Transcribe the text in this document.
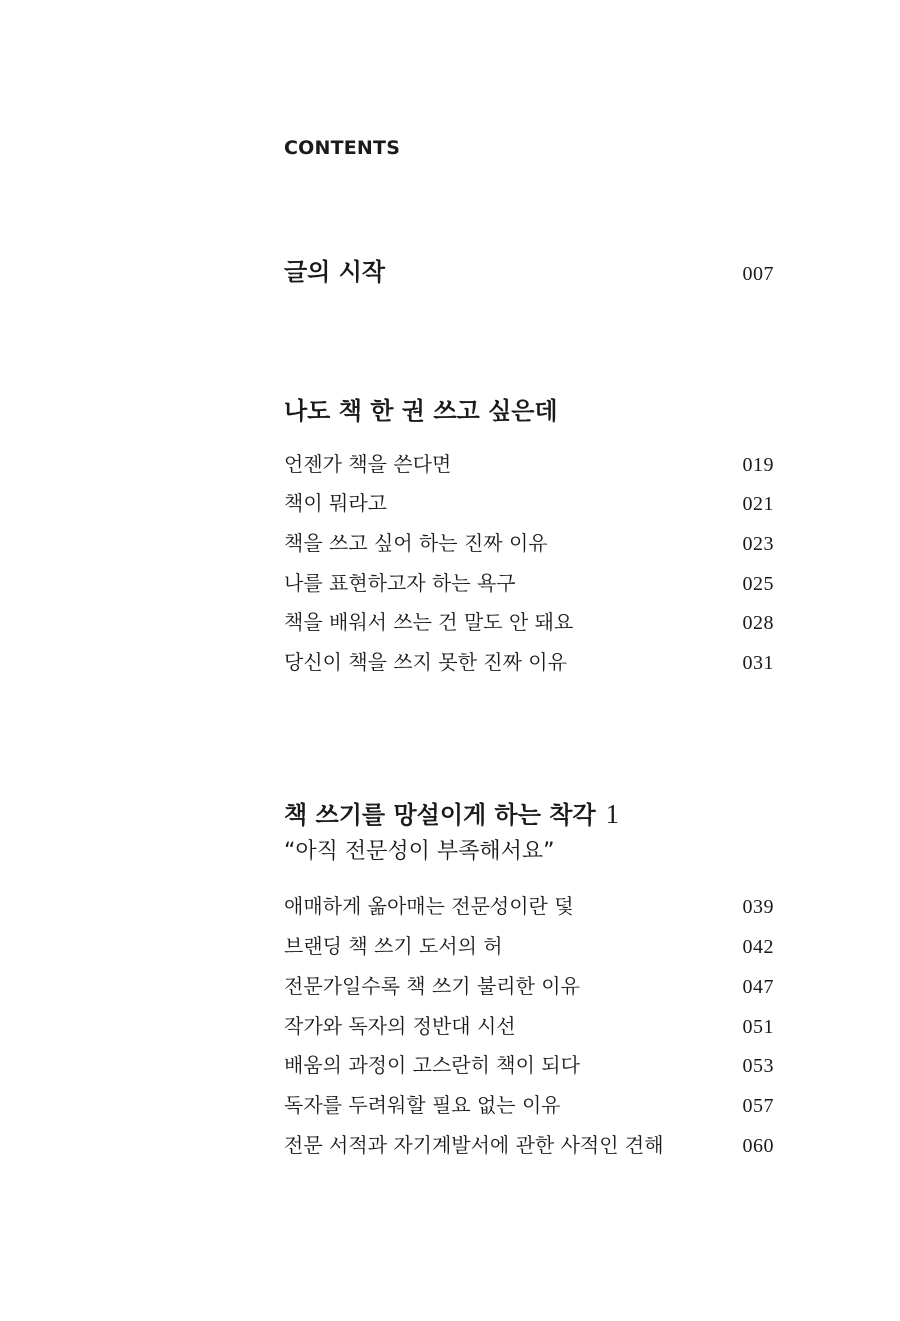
CONTENTS
글의 시작	007
나도 책 한 권 쓰고 싶은데
언젠가 책을 쓴다면	019
책이 뭐라고	021
책을 쓰고 싶어 하는 진짜 이유	023
나를 표현하고자 하는 욕구	025
책을 배워서 쓰는 건 말도 안 돼요	028
당신이 책을 쓰지 못한 진짜 이유	031
책 쓰기를 망설이게 하는 착각 1
“아직 전문성이 부족해서요”
애매하게 옮아매는 전문성이란 덫	039
브랜딩 책 쓰기 도서의 허	042
전문가일수록 책 쓰기 불리한 이유	047
작가와 독자의 정반대 시선	051
배움의 과정이 고스란히 책이 되다	053
독자를 두려워할 필요 없는 이유	057
전문 서적과 자기계발서에 관한 사적인 견해	060
